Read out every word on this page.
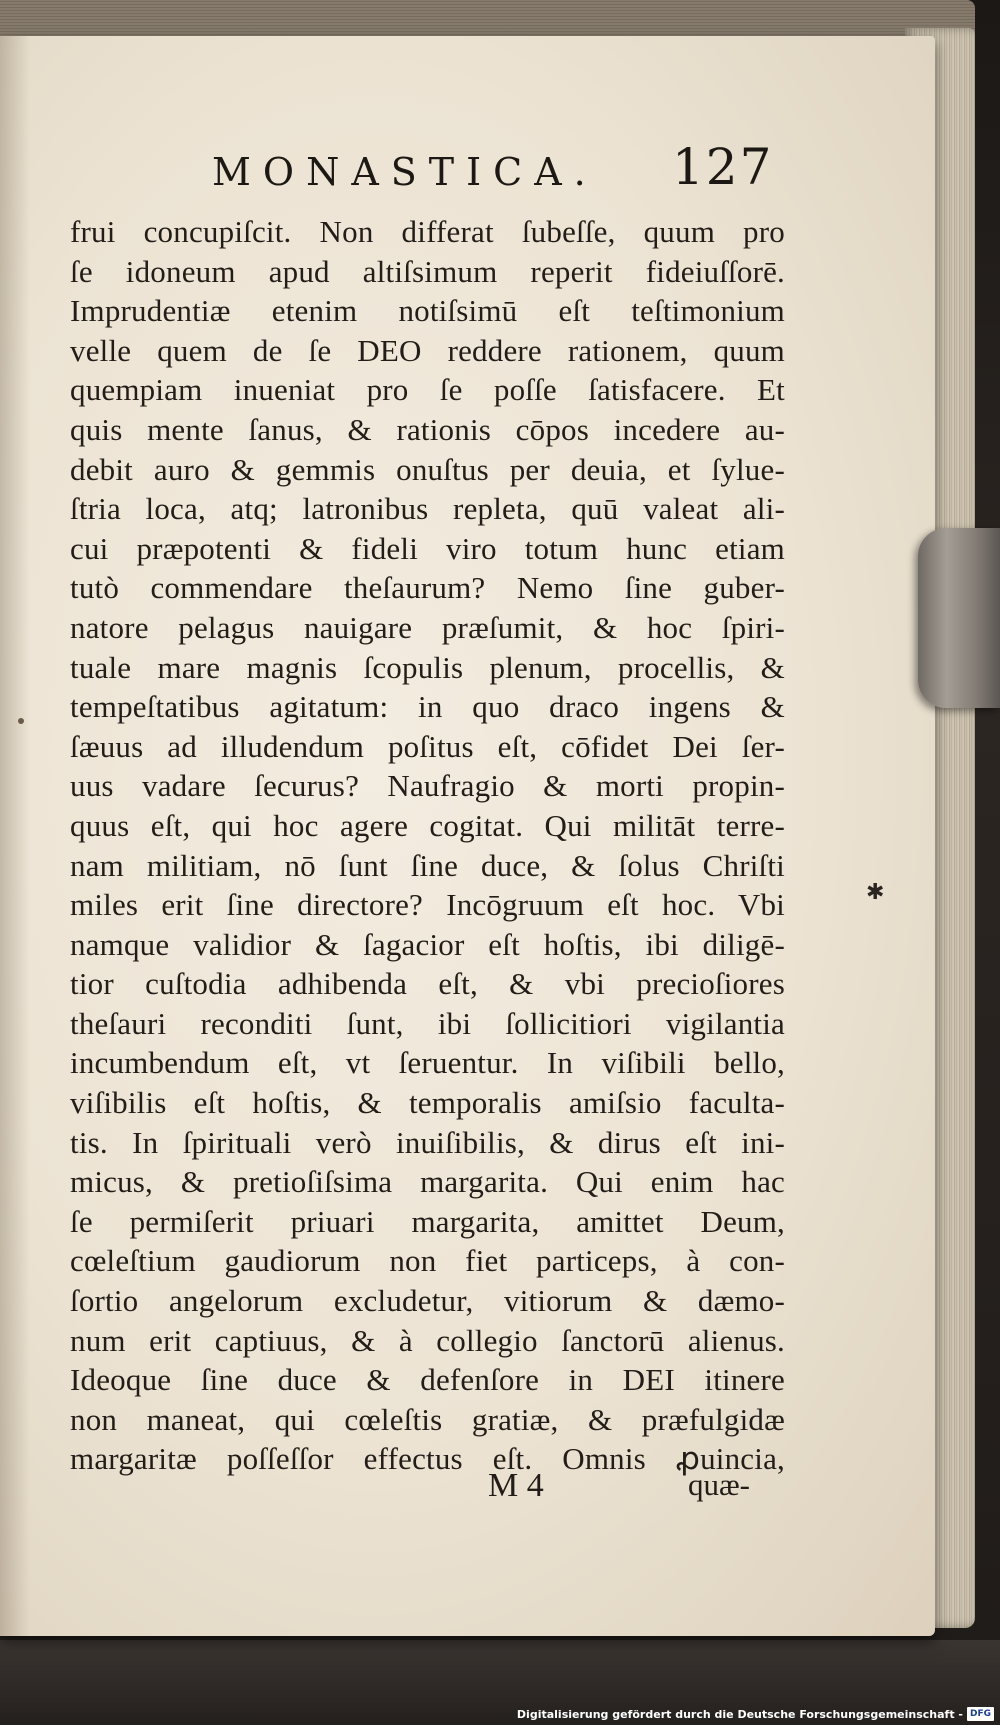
MONASTICA.	127
frui concupiſcit. Non differat ſubeſſe, quum pro
ſe idoneum apud altiſsimum reperit fideiuſſorē.
Imprudentiæ etenim notiſsimū eſt teſtimonium
velle quem de ſe DEO reddere rationem, quum
quempiam inueniat pro ſe poſſe ſatisfacere. Et
quis mente ſanus, & rationis cōpos incedere au-
debit auro & gemmis onuſtus per deuia, et ſylue-
ſtria loca, atq; latronibus repleta, quū valeat ali-
cui præpotenti & fideli viro totum hunc etiam
tutò commendare theſaurum? Nemo ſine guber-
natore pelagus nauigare præſumit, & hoc ſpiri-
tuale mare magnis ſcopulis plenum, procellis, &
tempeſtatibus agitatum: in quo draco ingens &
ſæuus ad illudendum poſitus eſt, cōfidet Dei ſer-
uus vadare ſecurus? Naufragio & morti propin-
quus eſt, qui hoc agere cogitat. Qui militāt terre-
nam militiam, nō ſunt ſine duce, & ſolus Chriſti
miles erit ſine directore? Incōgruum eſt hoc. Vbi
namque validior & ſagacior eſt hoſtis, ibi diligē-
tior cuſtodia adhibenda eſt, & vbi precioſiores
theſauri reconditi ſunt, ibi ſollicitiori vigilantia
incumbendum eſt, vt ſeruentur. In viſibili bello,
viſibilis eſt hoſtis, & temporalis amiſsio faculta-
tis. In ſpirituali verò inuiſibilis, & dirus eſt ini-
micus, & pretioſiſsima margarita. Qui enim hac
ſe permiſerit priuari margarita, amittet Deum,
cœleſtium gaudiorum non fiet particeps, à con-
ſortio angelorum excludetur, vitiorum & dæmo-
num erit captiuus, & à collegio ſanctorū alienus.
Ideoque ſine duce & defenſore in DEI itinere
non maneat, qui cœleſtis gratiæ, & præfulgidæ
margaritæ poſſeſſor effectus eſt. Omnis ꝓuincia,
M 4	quæ-
✱
Digitalisierung gefördert durch die Deutsche Forschungsgemeinschaft - DFG
